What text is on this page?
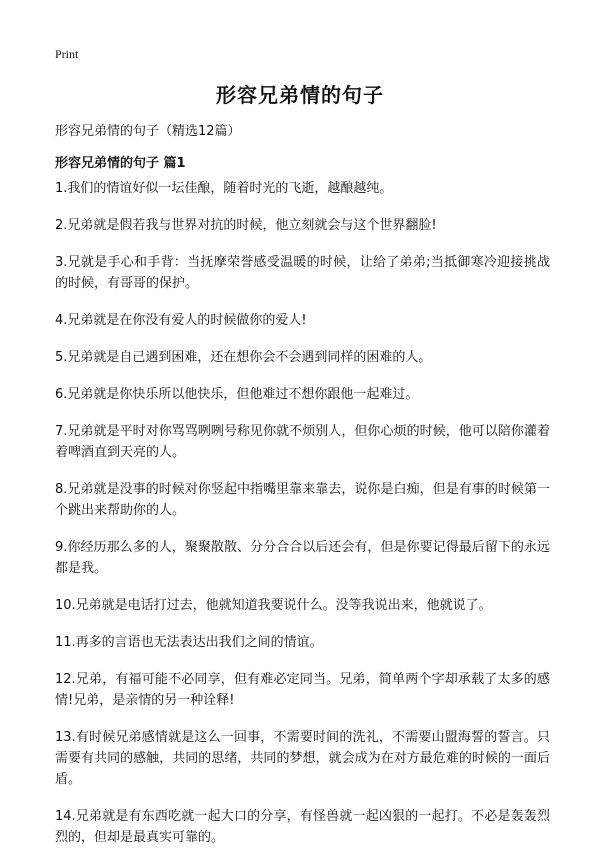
Print
形容兄弟情的句子
形容兄弟情的句子（精选12篇）
形容兄弟情的句子 篇1
1.我们的情谊好似一坛佳酿，随着时光的飞逝，越酿越纯。
2.兄弟就是假若我与世界对抗的时候，他立刻就会与这个世界翻脸!
3.兄就是手心和手背：当抚摩荣誉感受温暖的时候，让给了弟弟;当抵御寒冷迎接挑战的时候，有哥哥的保护。
4.兄弟就是在你没有爱人的时候做你的爱人!
5.兄弟就是自己遇到困难，还在想你会不会遇到同样的困难的人。
6.兄弟就是你快乐所以他快乐，但他难过不想你跟他一起难过。
7.兄弟就是平时对你骂骂咧咧号称见你就不烦别人，但你心烦的时候，他可以陪你灌着着啤酒直到天亮的人。
8.兄弟就是没事的时候对你竖起中指嘴里靠来靠去，说你是白痴，但是有事的时候第一个跳出来帮助你的人。
9.你经历那么多的人，聚聚散散、分分合合以后还会有，但是你要记得最后留下的永远都是我。
10.兄弟就是电话打过去，他就知道我要说什么。没等我说出来，他就说了。
11.再多的言语也无法表达出我们之间的情谊。
12.兄弟，有福可能不必同享，但有难必定同当。兄弟，简单两个字却承载了太多的感情!兄弟，是亲情的另一种诠释!
13.有时候兄弟感情就是这么一回事，不需要时间的洗礼，不需要山盟海誓的誓言。只需要有共同的感触，共同的思绪，共同的梦想，就会成为在对方最危难的时候的一面后盾。
14.兄弟就是有东西吃就一起大口的分享，有怪兽就一起凶狠的一起打。不必是轰轰烈烈的，但却是最真实可靠的。
